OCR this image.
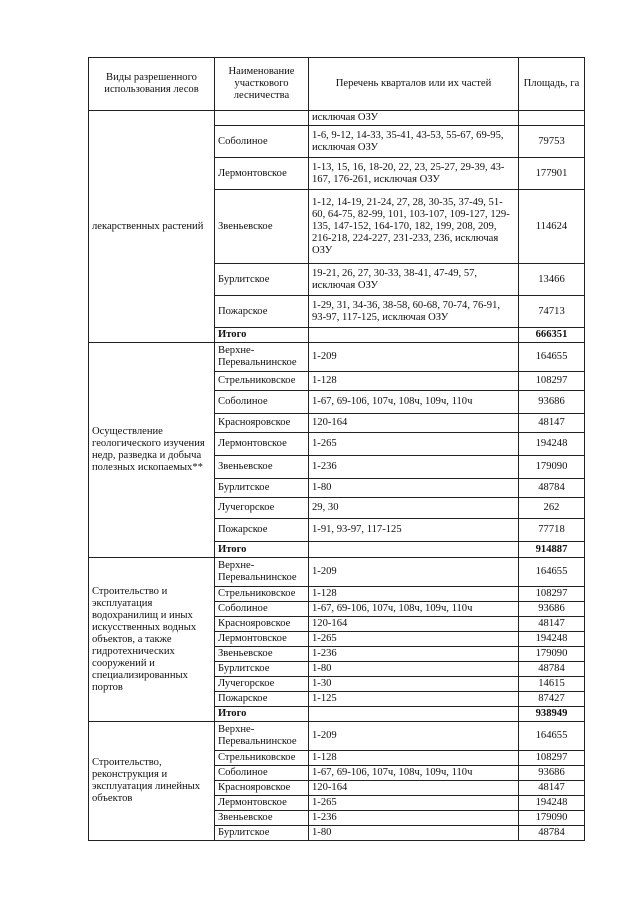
Виды разрешенного использования лесов	Наименование участкового лесничества	Перечень кварталов или их частей	Площадь, га
лекарственных растений		исключая ОЗУ	
	Соболиное	1-6, 9-12, 14-33, 35-41, 43-53, 55-67, 69-95, исключая ОЗУ	79753
	Лермонтовское	1-13, 15, 16, 18-20, 22, 23, 25-27, 29-39, 43-167, 176-261, исключая ОЗУ	177901
	Звеньевское	1-12, 14-19, 21-24, 27, 28, 30-35, 37-49, 51-60, 64-75, 82-99, 101, 103-107, 109-127, 129-135, 147-152, 164-170, 182, 199, 208, 209, 216-218, 224-227, 231-233, 236, исключая ОЗУ	114624
	Бурлитское	19-21, 26, 27, 30-33, 38-41, 47-49, 57, исключая ОЗУ	13466
	Пожарское	1-29, 31, 34-36, 38-58, 60-68, 70-74, 76-91, 93-97, 117-125, исключая ОЗУ	74713
	Итого		666351
Осуществление геологического изучения недр, разведка и добыча полезных ископаемых**	Верхне-Перевальнинское	1-209	164655
	Стрельниковское	1-128	108297
	Соболиное	1-67, 69-106, 107ч, 108ч, 109ч, 110ч	93686
	Краснояровское	120-164	48147
	Лермонтовское	1-265	194248
	Звеньевское	1-236	179090
	Бурлитское	1-80	48784
	Лучегорское	29, 30	262
	Пожарское	1-91, 93-97, 117-125	77718
	Итого		914887
Строительство и эксплуатация водохранилищ и иных искусственных водных объектов, а также гидротехнических сооружений и специализированных портов	Верхне-Перевальнинское	1-209	164655
	Стрельниковское	1-128	108297
	Соболиное	1-67, 69-106, 107ч, 108ч, 109ч, 110ч	93686
	Краснояровское	120-164	48147
	Лермонтовское	1-265	194248
	Звеньевское	1-236	179090
	Бурлитское	1-80	48784
	Лучегорское	1-30	14615
	Пожарское	1-125	87427
	Итого		938949
Строительство, реконструкция и эксплуатация линейных объектов	Верхне-Перевальнинское	1-209	164655
	Стрельниковское	1-128	108297
	Соболиное	1-67, 69-106, 107ч, 108ч, 109ч, 110ч	93686
	Краснояровское	120-164	48147
	Лермонтовское	1-265	194248
	Звеньевское	1-236	179090
	Бурлитское	1-80	48784
